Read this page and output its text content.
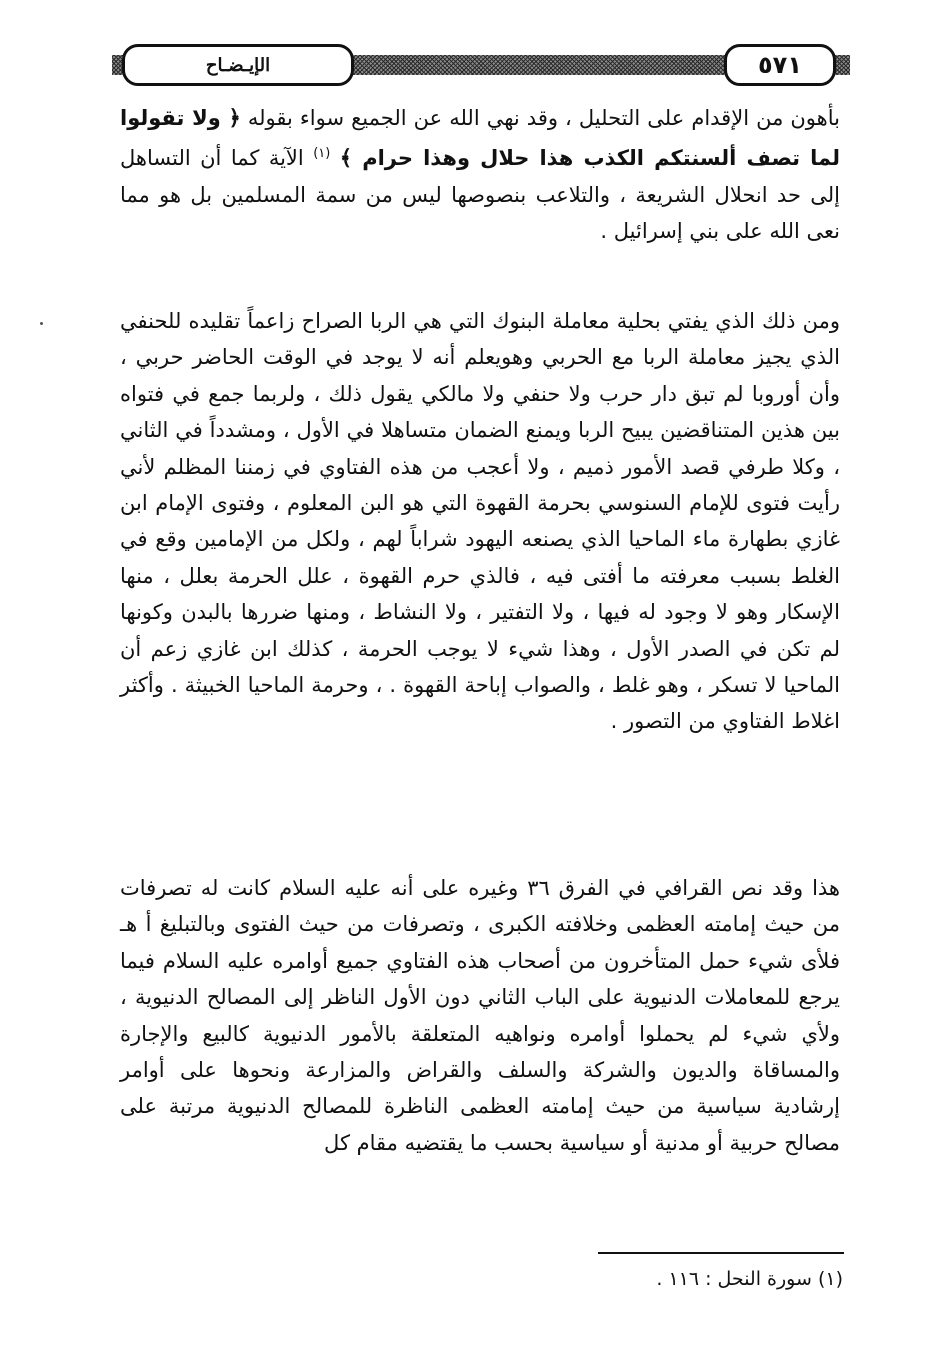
الإيـضـاح	٥٧١

بأهون من الإقدام على التحليل ، وقد نهي الله عن الجميع سواء بقوله ﴿ ولا تقولوا لما تصف ألسنتكم الكذب هذا حلال وهذا حرام ﴾ $^{(١)}$ الآية كما أن التساهل إلى حد انحلال الشريعة ، والتلاعب بنصوصها ليس من سمة المسلمين بل هو مما نعى الله على بني إسرائيل .

ومن ذلك الذي يفتي بحلية معاملة البنوك التي هي الربا الصراح زاعماً تقليده للحنفي الذي يجيز معاملة الربا مع الحربي وهويعلم أنه لا يوجد في الوقت الحاضر حربي ، وأن أوروبا لم تبق دار حرب ولا حنفي ولا مالكي يقول ذلك ، ولربما جمع في فتواه بين هذين المتناقضين يبيح الربا ويمنع الضمان متساهلا في الأول ، ومشدداً في الثاني ، وكلا طرفي قصد الأمور ذميم ، ولا أعجب من هذه الفتاوي في زمننا المظلم لأني رأيت فتوى للإمام السنوسي بحرمة القهوة التي هو البن المعلوم ، وفتوى الإمام ابن غازي بطهارة ماء الماحيا الذي يصنعه اليهود شراباً لهم ، ولكل من الإمامين وقع في الغلط بسبب معرفته ما أفتى فيه ، فالذي حرم القهوة ، علل الحرمة بعلل ، منها الإسكار وهو لا وجود له فيها ، ولا التفتير ، ولا النشاط ، ومنها ضررها بالبدن وكونها لم تكن في الصدر الأول ، وهذا شيء لا يوجب الحرمة ، كذلك ابن غازي زعم أن الماحيا لا تسكر ، وهو غلط ، والصواب إباحة القهوة . ، وحرمة الماحيا الخبيثة . وأكثر اغلاط الفتاوي من التصور .

هذا وقد نص القرافي في الفرق ٣٦ وغيره على أنه عليه السلام كانت له تصرفات من حيث إمامته العظمى وخلافته الكبرى ، وتصرفات من حيث الفتوى وبالتبليغ أ هـ فلأى شيء حمل المتأخرون من أصحاب هذه الفتاوي جميع أوامره عليه السلام فيما يرجع للمعاملات الدنيوية على الباب الثاني دون الأول الناظر إلى المصالح الدنيوية ، ولأي شيء لم يحملوا أوامره ونواهيه المتعلقة بالأمور الدنيوية كالبيع والإجارة والمساقاة والديون والشركة والسلف والقراض والمزارعة ونحوها على أوامر إرشادية سياسية من حيث إمامته العظمى الناظرة للمصالح الدنيوية مرتبة على مصالح حربية أو مدنية أو سياسية بحسب ما يقتضيه مقام كل

(١) سورة النحل : ١١٦ .
